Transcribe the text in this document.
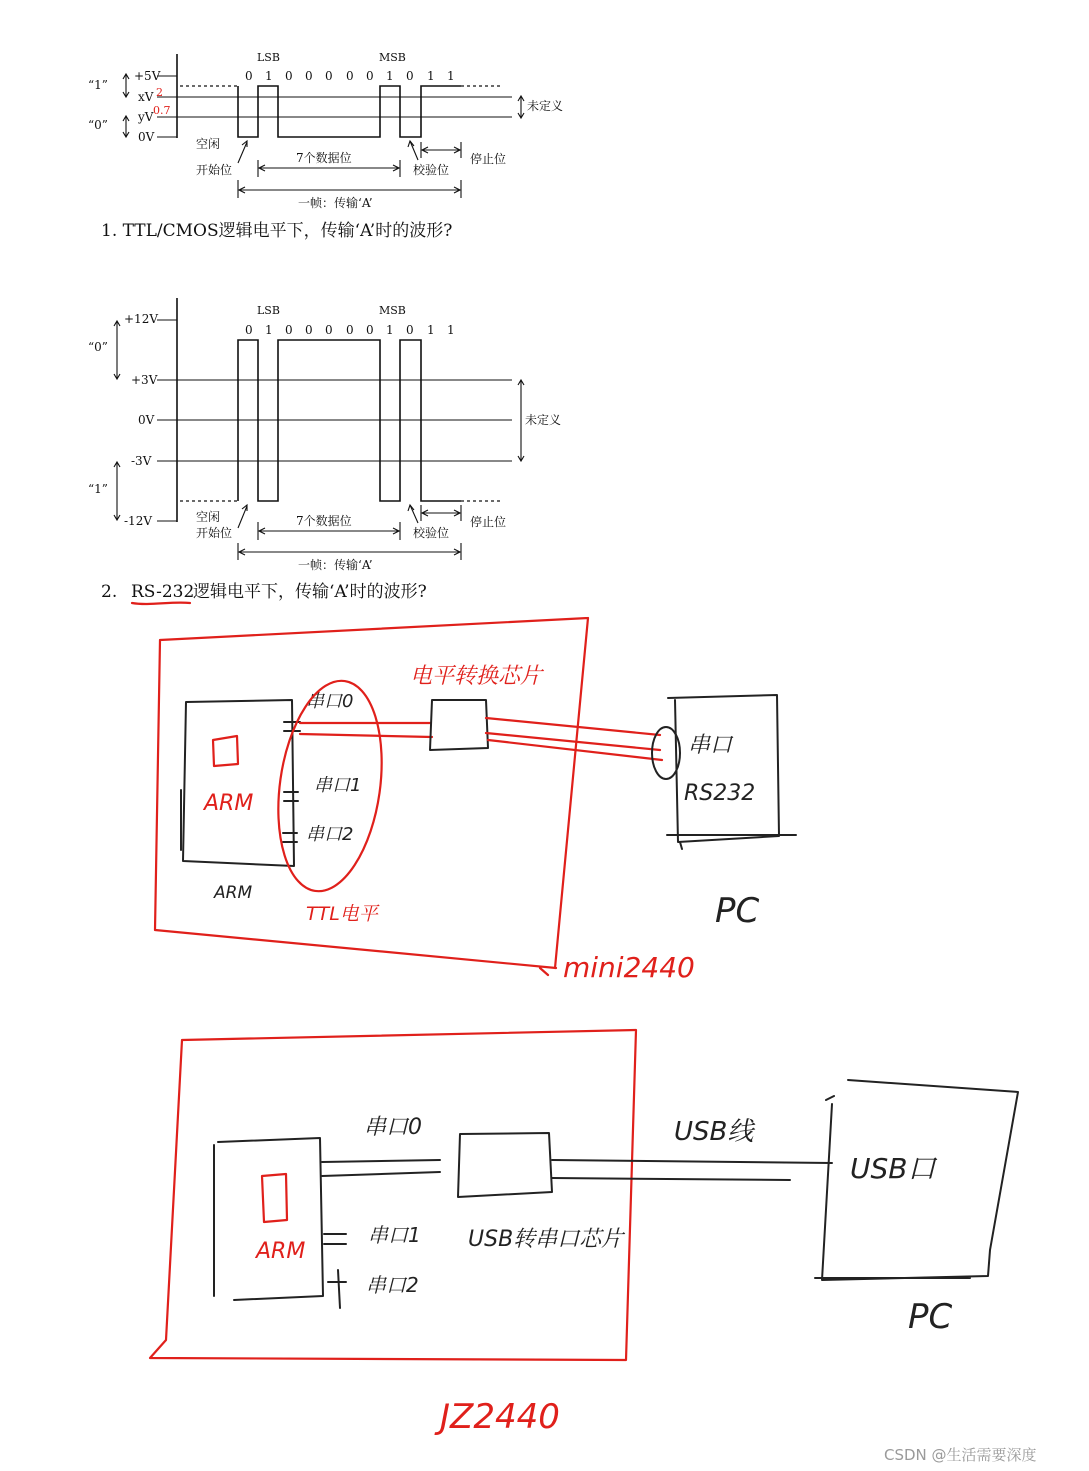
+5V
xV 2
yV 0.7
0V
“1”
“0”
未定义
LSB	MSB
0 1 0 0 0 0 0 1 0 1 1
空闲
开始位
7个数据位
校验位
停止位
一帧：传输‘A’
1. TTL/CMOS逻辑电平下，传输‘A’时的波形?
+12V
+3V
0V
-3V
-12V
“0”
“1”
未定义
LSB	MSB
0 1 0 0 0 0 0 1 0 1 1
空闲
开始位
7个数据位
校验位
停止位
一帧：传输‘A’
2. RS-232
逻辑电平下，传输‘A’时的波形?
ARM
ARM
串口0
串口1
串口2
TTL电平
电平转换芯片
串口
RS232
PC
mini2440
ARM
串口0
串口1
串口2
USB转串口芯片
USB线
USB口
PC
JZ2440
CSDN @生活需要深度
